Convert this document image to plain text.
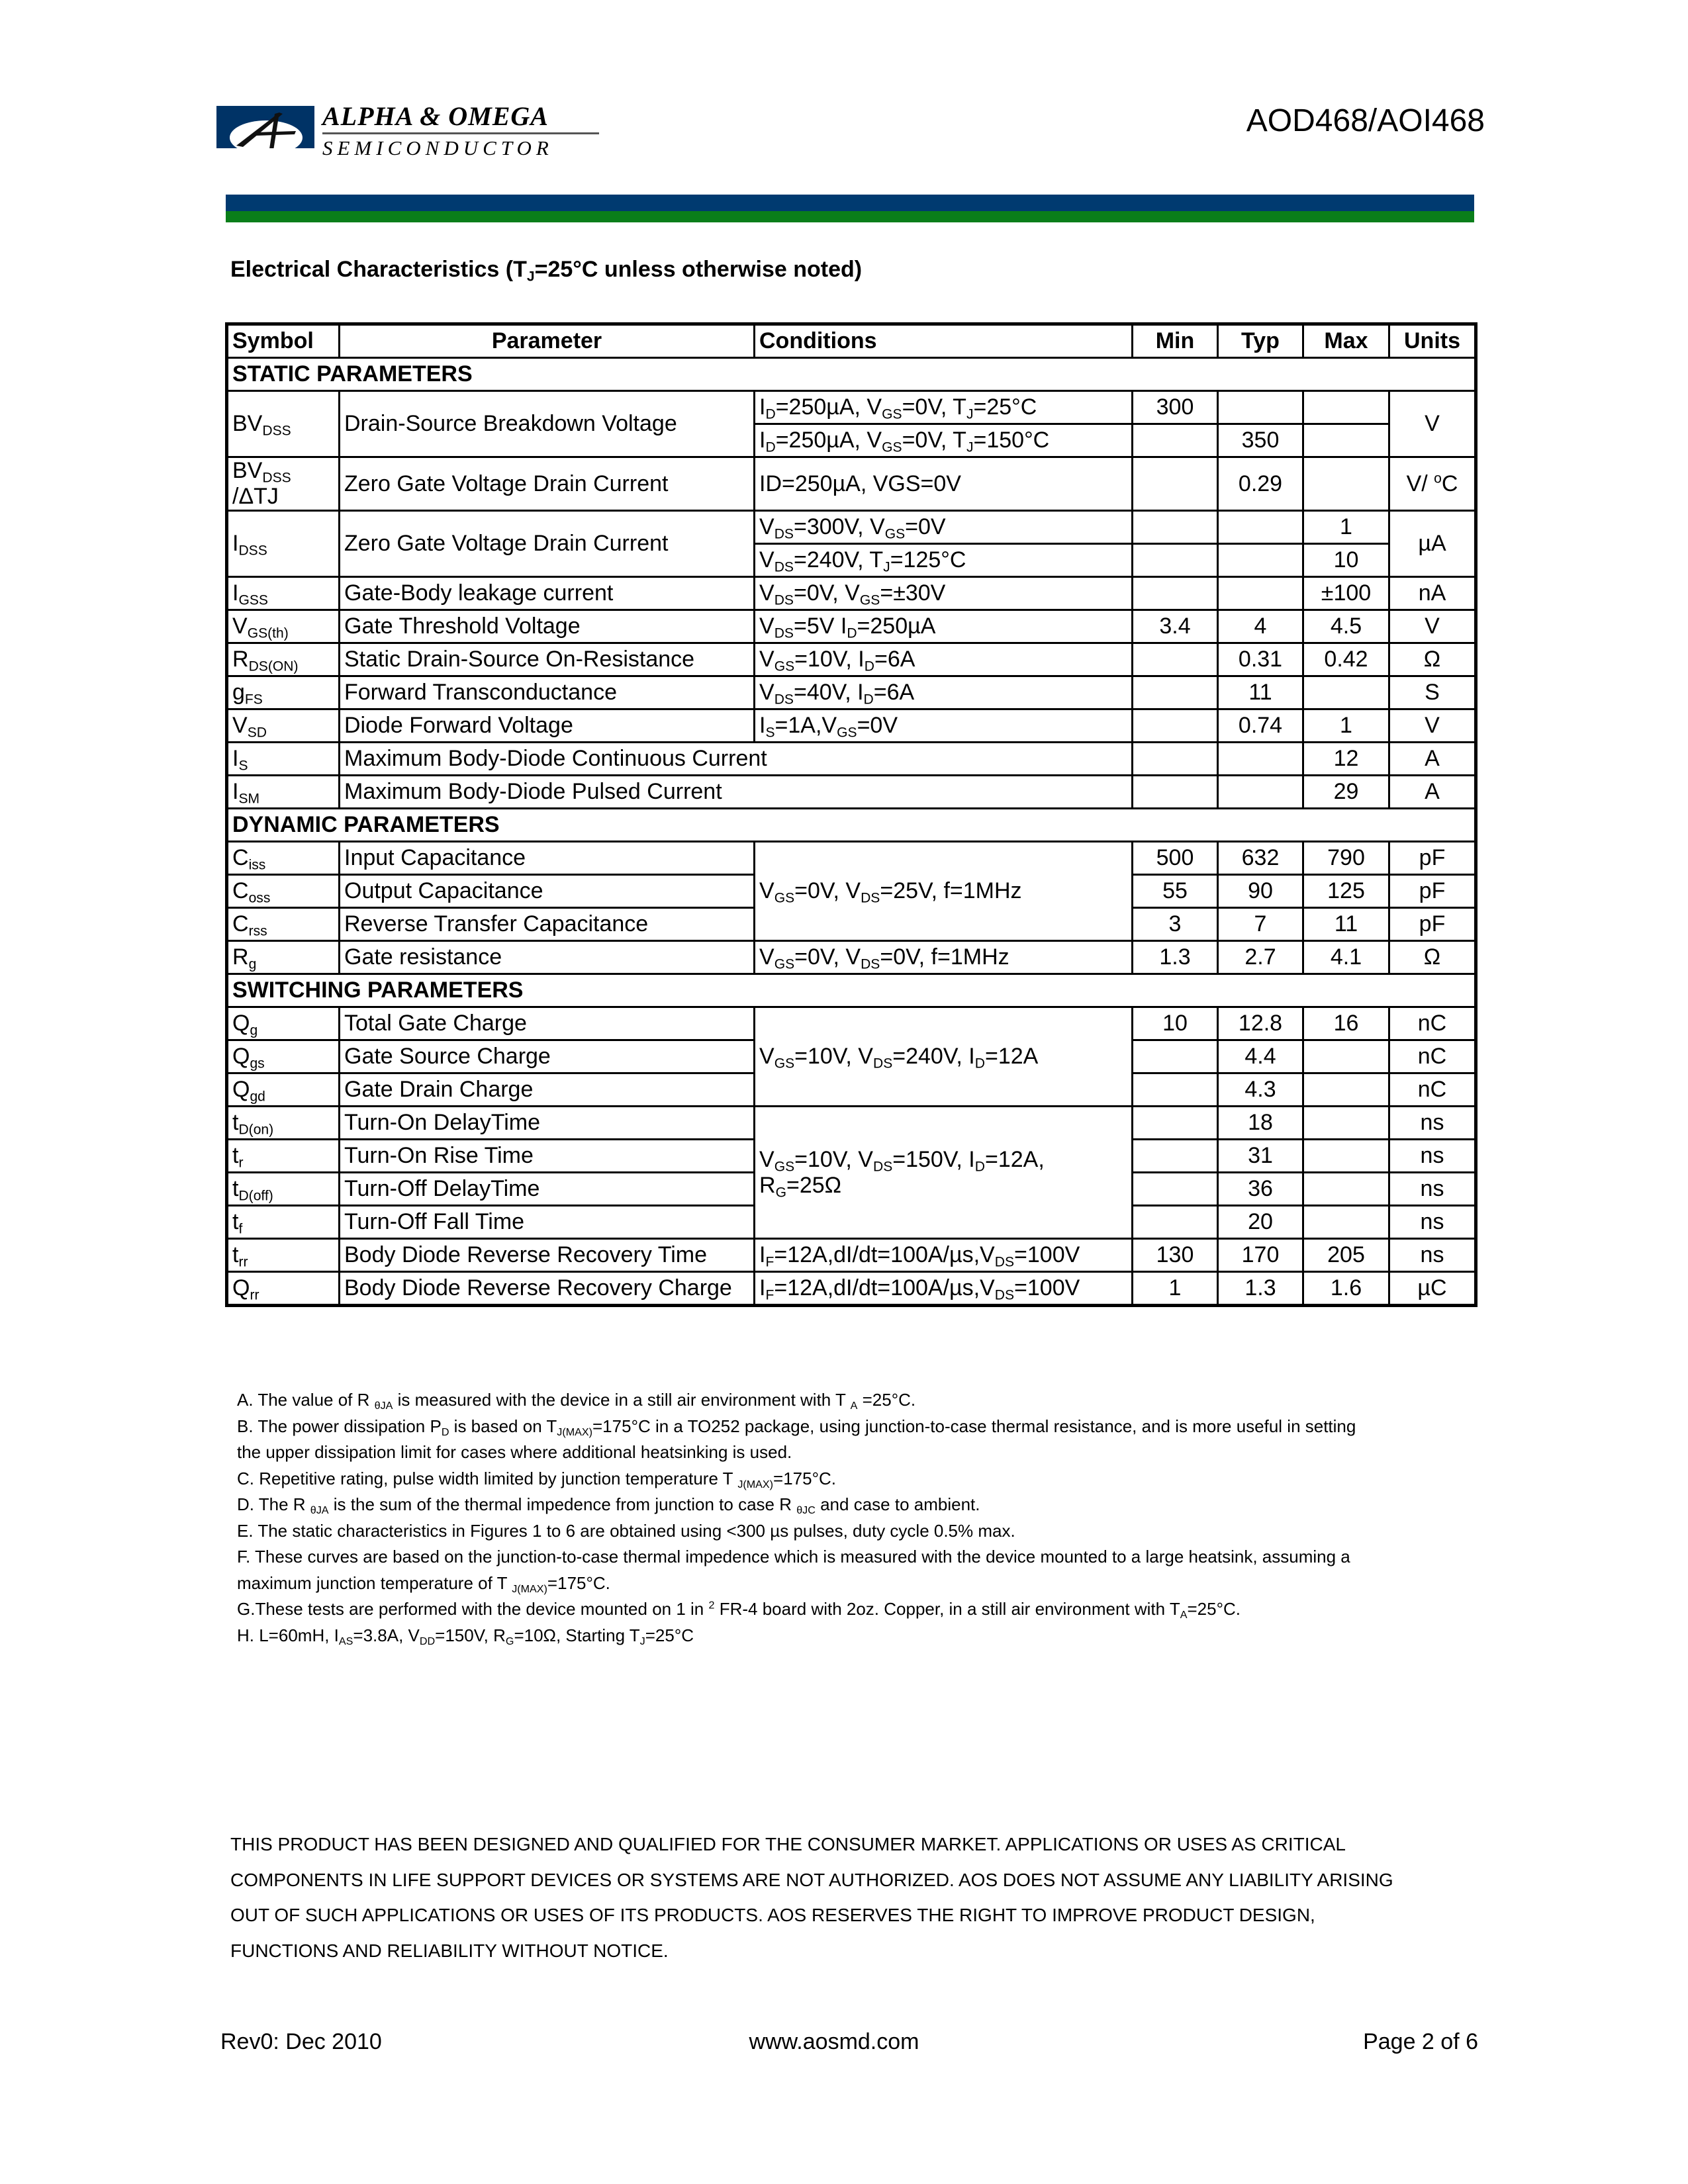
ALPHA & OMEGA
SEMICONDUCTOR
AOD468/AOI468
Electrical Characteristics ($T_J=25^\circ C$ unless otherwise noted)
Symbol	Parameter	Conditions	Min	Typ	Max	Units
STATIC PARAMETERS						
$BV_{DSS}$	Drain-Source Breakdown Voltage	$I_D=250\mu A$, $V_{GS}=0V$, $T_J=25^\circ C$	300			V
		$I_D=250\mu A$, $V_{GS}=0V$, $T_J=150^\circ C$		350		
$BV_{DSS}$
/ΔTJ	Zero Gate Voltage Drain Current	ID=250µA, VGS=0V		0.29		V/ $^o$C
$I_{DSS}$	Zero Gate Voltage Drain Current	$V_{DS}=300V$, $V_{GS}=0V$			1	µA
		$V_{DS}=240V$, $T_J=125^\circ C$			10	
$I_{GSS}$	Gate-Body leakage current	$V_{DS}=0V$, $V_{GS}=\pm 30V$			±100	nA
$V_{GS(th)}$	Gate Threshold Voltage	$V_{DS}=5V$ $I_D=250\mu A$	3.4	4	4.5	V
$R_{DS(ON)}$	Static Drain-Source On-Resistance	$V_{GS}=10V$, $I_D=6A$		0.31	0.42	Ω
$g_{FS}$	Forward Transconductance	$V_{DS}=40V$, $I_D=6A$		11		S
$V_{SD}$	Diode Forward Voltage	$I_S=1A,V_{GS}=0V$		0.74	1	V
$I_S$	Maximum Body-Diode Continuous Current				12	A
$I_{SM}$	Maximum Body-Diode Pulsed Current				29	A
DYNAMIC PARAMETERS						
$C_{iss}$	Input Capacitance	$V_{GS}=0V$, $V_{DS}=25V$, f=1MHz	500	632	790	pF
$C_{oss}$	Output Capacitance		55	90	125	pF
$C_{rss}$	Reverse Transfer Capacitance		3	7	11	pF
$R_g$	Gate resistance	$V_{GS}=0V$, $V_{DS}=0V$, f=1MHz	1.3	2.7	4.1	Ω
SWITCHING PARAMETERS						
$Q_g$	Total Gate Charge	$V_{GS}=10V$, $V_{DS}=240V$, $I_D=12A$	10	12.8	16	nC
$Q_{gs}$	Gate Source Charge			4.4		nC
$Q_{gd}$	Gate Drain Charge			4.3		nC
$t_{D(on)}$	Turn-On DelayTime	$V_{GS}=10V$, $V_{DS}=150V$, $I_D=12A$,
$R_G=25\Omega$		18		ns
$t_r$	Turn-On Rise Time			31		ns
$t_{D(off)}$	Turn-Off DelayTime			36		ns
$t_f$	Turn-Off Fall Time			20		ns
$t_{rr}$	Body Diode Reverse Recovery Time	$I_F=12A,dI/dt=100A/\mu s,V_{DS}=100V$	130	170	205	ns
$Q_{rr}$	Body Diode Reverse Recovery Charge	$I_F=12A,dI/dt=100A/\mu s,V_{DS}=100V$	1	1.3	1.6	µC
A. The value of R $_{\theta JA}$ is measured with the device in a still air environment with T $_A$ =25°C.
B. The power dissipation $P_D$ is based on $T_{J(MAX)}=175^\circ C$ in a TO252 package, using junction-to-case thermal resistance, and is more useful in setting
the upper dissipation limit for cases where additional heatsinking is used.
C. Repetitive rating, pulse width limited by junction temperature T $_{J(MAX)}$=175°C.
D. The R $_{\theta JA}$ is the sum of the thermal impedence from junction to case R $_{\theta JC}$ and case to ambient.
E. The static characteristics in Figures 1 to 6 are obtained using <300 µs pulses, duty cycle 0.5% max.
F. These curves are based on the junction-to-case thermal impedence which is measured with the device mounted to a large heatsink, assuming a
maximum junction temperature of T $_{J(MAX)}$=175°C.
G.These tests are performed with the device mounted on 1 in $^2$ FR-4 board with 2oz. Copper, in a still air environment with $T_A=25^\circ C$.
H. L=60mH, $I_{AS}=3.8A$, $V_{DD}=150V$, $R_G=10\Omega$, Starting $T_J=25^\circ C$
THIS PRODUCT HAS BEEN DESIGNED AND QUALIFIED FOR THE CONSUMER MARKET. APPLICATIONS OR USES AS CRITICAL
COMPONENTS IN LIFE SUPPORT DEVICES OR SYSTEMS ARE NOT AUTHORIZED. AOS DOES NOT ASSUME ANY LIABILITY ARISING
OUT OF SUCH APPLICATIONS OR USES OF ITS PRODUCTS. AOS RESERVES THE RIGHT TO IMPROVE PRODUCT DESIGN,
FUNCTIONS AND RELIABILITY WITHOUT NOTICE.
Rev0: Dec 2010	www.aosmd.com	Page 2 of 6
